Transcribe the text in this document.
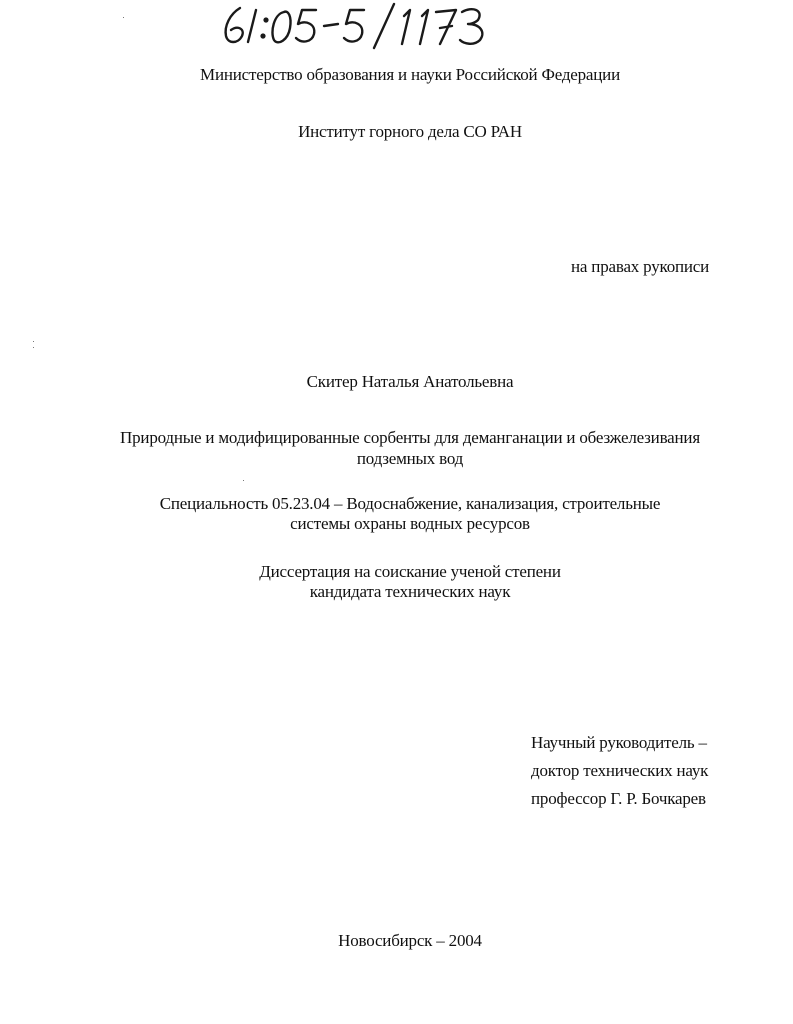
Министерство образования и науки Российской Федерации
Институт горного дела СО РАН
на правах рукописи
Скитер Наталья Анатольевна
Природные и модифицированные сорбенты для деманганации и обезжелезивания
подземных вод
Специальность 05.23.04 – Водоснабжение, канализация, строительные
системы охраны водных ресурсов
Диссертация на соискание ученой степени
кандидата технических наук
Научный руководитель –
доктор технических наук
профессор Г. Р. Бочкарев
Новосибирск – 2004
